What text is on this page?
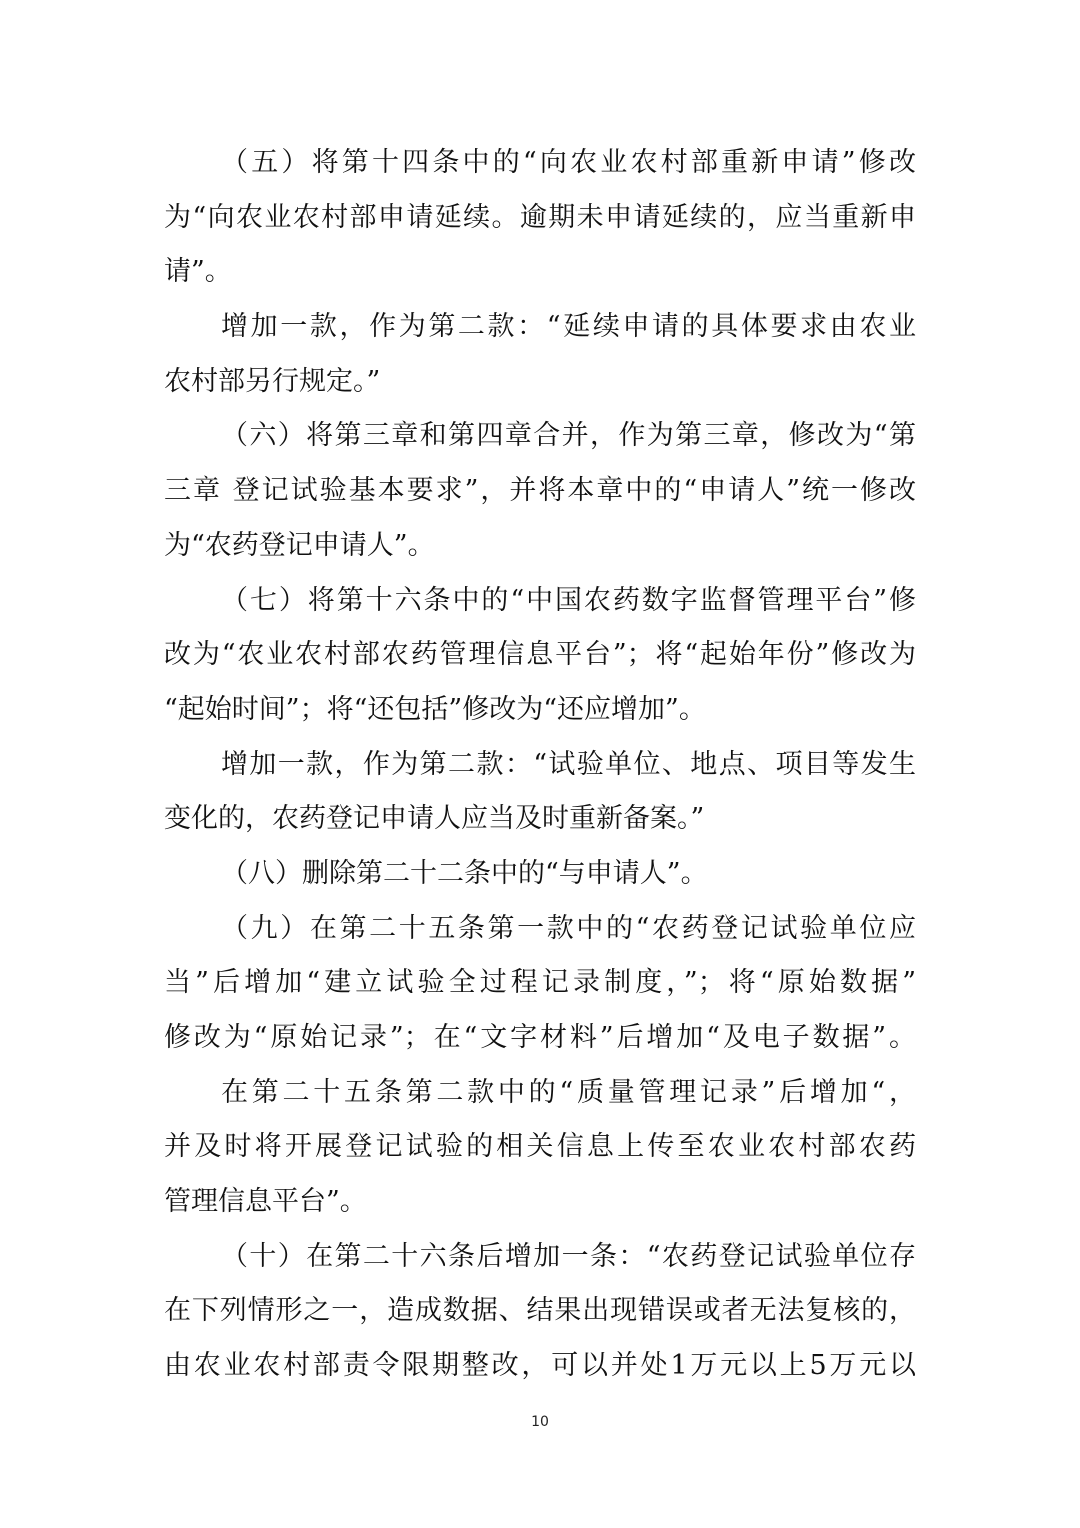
（五）将第十四条中的“向农业农村部重新申请”修改
为“向农业农村部申请延续。逾期未申请延续的，应当重新申
请”。
增加一款，作为第二款：“延续申请的具体要求由农业
农村部另行规定。”
（六）将第三章和第四章合并，作为第三章，修改为“第
三章 登记试验基本要求”，并将本章中的“申请人”统一修改
为“农药登记申请人”。
（七）将第十六条中的“中国农药数字监督管理平台”修
改为“农业农村部农药管理信息平台”；将“起始年份”修改为
“起始时间”；将“还包括”修改为“还应增加”。
增加一款，作为第二款：“试验单位、地点、项目等发生
变化的，农药登记申请人应当及时重新备案。”
（八）删除第二十二条中的“与申请人”。
（九）在第二十五条第一款中的“农药登记试验单位应
当”后增加“建立试验全过程记录制度，”；将“原始数据”
修改为“原始记录”；在“文字材料”后增加“及电子数据”。
在第二十五条第二款中的“质量管理记录”后增加“，
并及时将开展登记试验的相关信息上传至农业农村部农药
管理信息平台”。
（十）在第二十六条后增加一条：“农药登记试验单位存
在下列情形之一，造成数据、结果出现错误或者无法复核的，
由农业农村部责令限期整改，可以并处1万元以上5万元以
10
